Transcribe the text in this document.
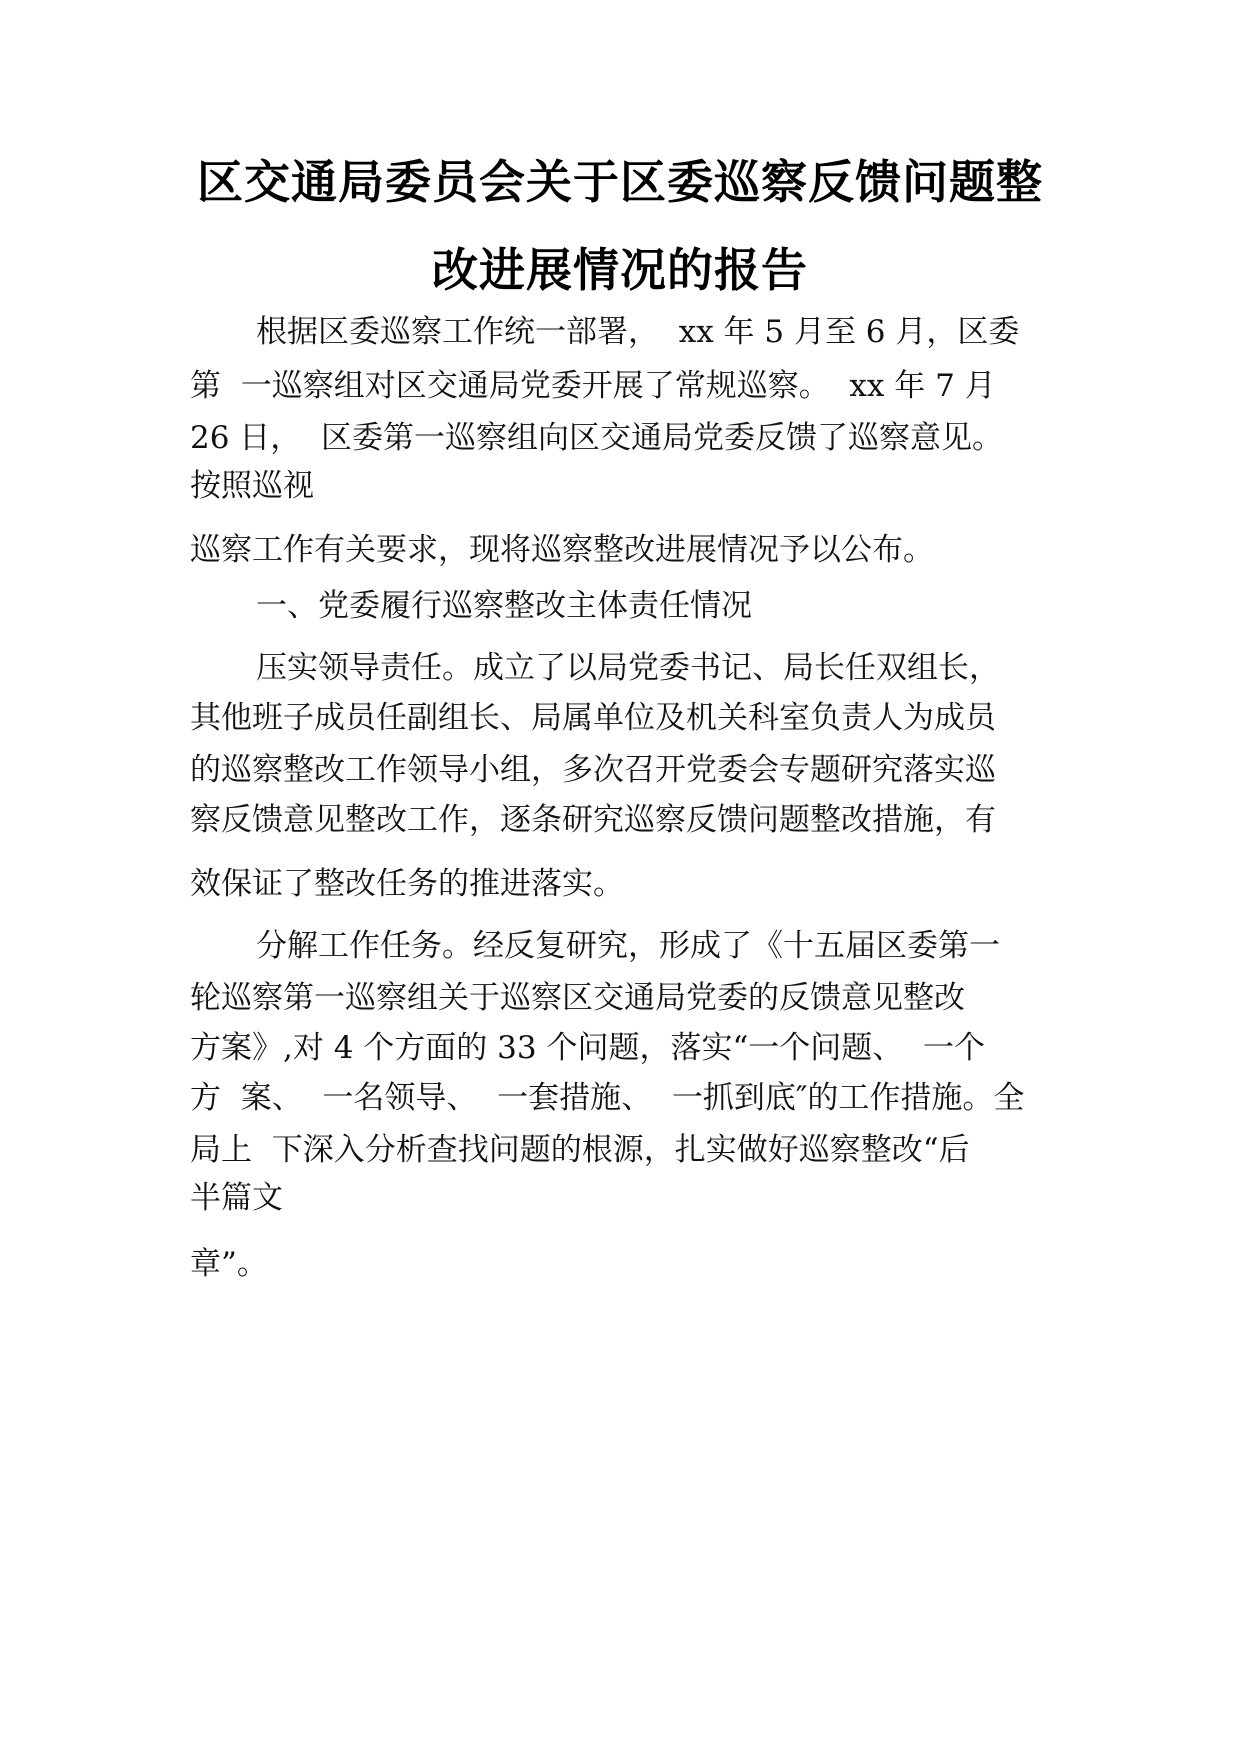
区交通局委员会关于区委巡察反馈问题整
改进展情况的报告
根据区委巡察工作统一部署，  xx 年 5 月至 6 月，区委
第  一巡察组对区交通局党委开展了常规巡察。  xx 年 7 月
26 日，  区委第一巡察组向区交通局党委反馈了巡察意见。
按照巡视
巡察工作有关要求，现将巡察整改进展情况予以公布。
一、党委履行巡察整改主体责任情况
压实领导责任。成立了以局党委书记、局长任双组长，
其他班子成员任副组长、局属单位及机关科室负责人为成员
的巡察整改工作领导小组，多次召开党委会专题研究落实巡
察反馈意见整改工作，逐条研究巡察反馈问题整改措施，有
效保证了整改任务的推进落实。
分解工作任务。经反复研究，形成了《十五届区委第一
轮巡察第一巡察组关于巡察区交通局党委的反馈意见整改
方案》,对 4 个方面的 33 个问题，落实“一个问题、  一个
方  案、  一名领导、  一套措施、  一抓到底″的工作措施。全
局上  下深入分析查找问题的根源，扎实做好巡察整改“后
半篇文
章”。
